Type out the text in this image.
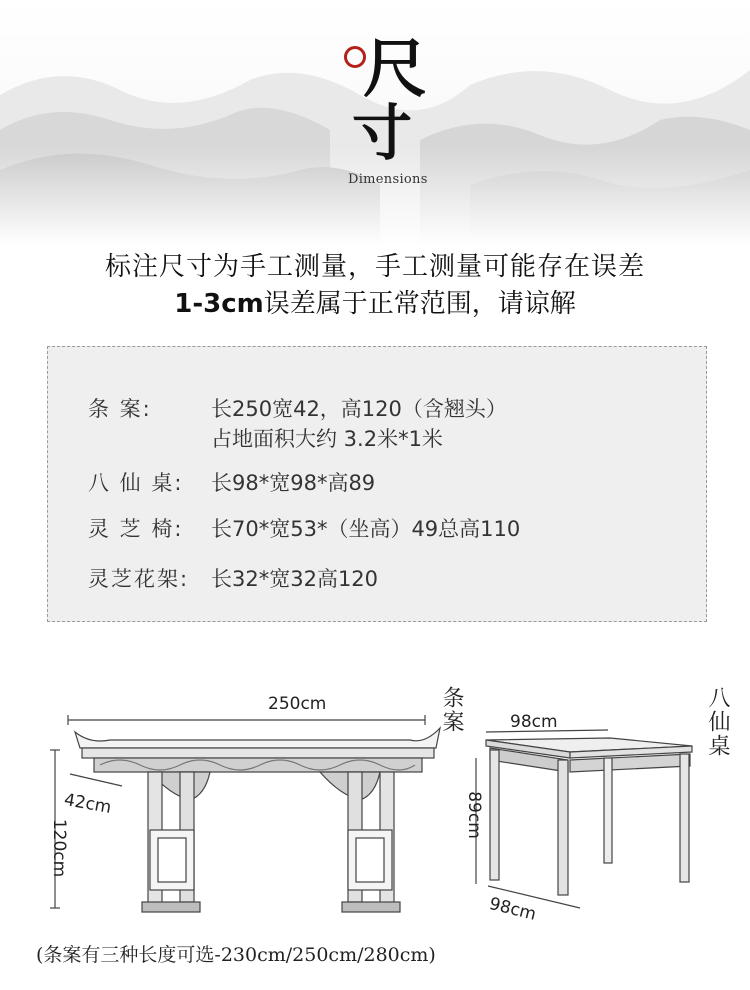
尺
寸
Dimensions
标注尺寸为手工测量，手工测量可能存在误差
1-3cm误差属于正常范围，请谅解
条 案:	长250宽42，高120（含翘头）
占地面积大约 3.2米*1米
八 仙 桌: 长98*宽98*高89
灵 芝 椅: 长70*宽53*（坐高）49总高110
灵芝花架: 长32*宽32高120
250cm
42cm
120cm
条案	98cm
89cm
98cm
八仙桌
(条案有三种长度可选-230cm/250cm/280cm)
